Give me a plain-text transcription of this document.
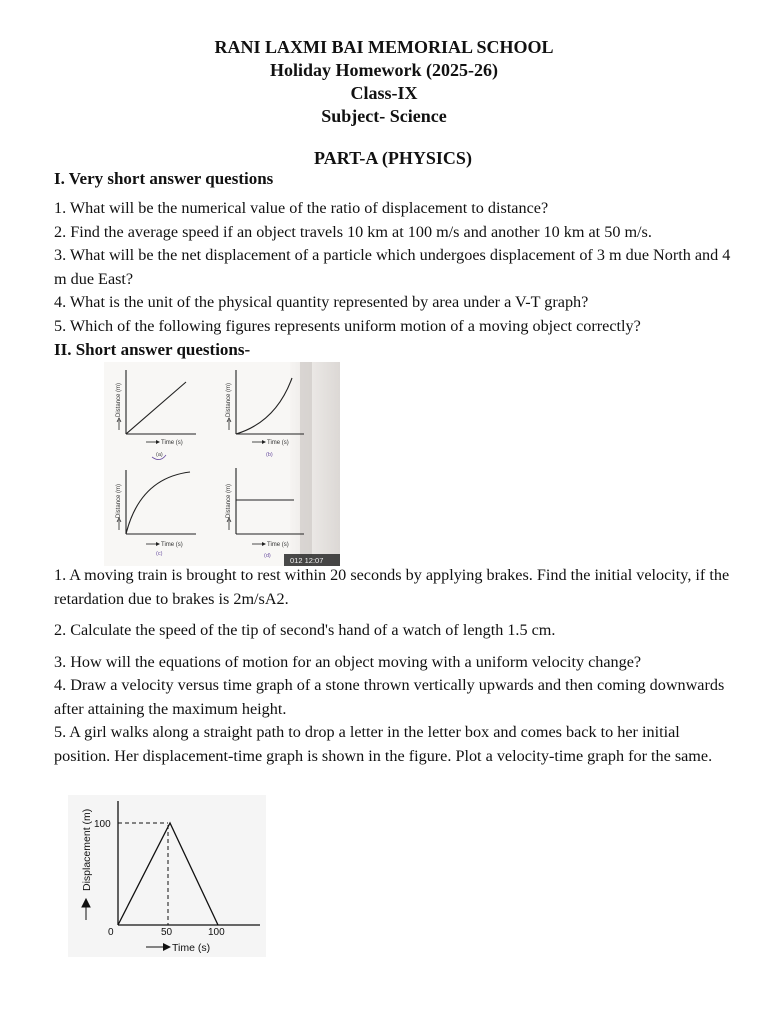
RANI LAXMI BAI MEMORIAL SCHOOL
Holiday Homework (2025-26)
Class-IX
Subject- Science
PART-A (PHYSICS)
I. Very short answer questions

1. What will be the numerical value of the ratio of displacement to distance?

2. Find the average speed if an object travels 10 km at 100 m/s and another 10 km at 50 m/s.

3. What will be the net displacement of a particle which undergoes displacement of 3 m due North and 4 m due East?

4. What is the unit of the physical quantity represented by area under a V-T graph?

5. Which of the following figures represents uniform motion of a moving object correctly?

II. Short answer questions-
Distance (m)
Time (s)
(a)
Distance (m)
Time (s)
(b)
Distance (m)
Time (s)
(c)
Distance (m)
Time (s)
(d)	012 12:07

1. A moving train is brought to rest within 20 seconds by applying brakes. Find the initial velocity, if the retardation due to brakes is 2m/sA2.

2. Calculate the speed of the tip of second's hand of a watch of length 1.5 cm.

3. How will the equations of motion for an object moving with a uniform velocity change?

4. Draw a velocity versus time graph of a stone thrown vertically upwards and then coming downwards after attaining the maximum height.

5. A girl walks along a straight path to drop a letter in the letter box and comes back to her initial position. Her displacement-time graph is shown in the figure. Plot a velocity-time graph for the same.

100
0	50	100
Displacement (m)
Time (s)
